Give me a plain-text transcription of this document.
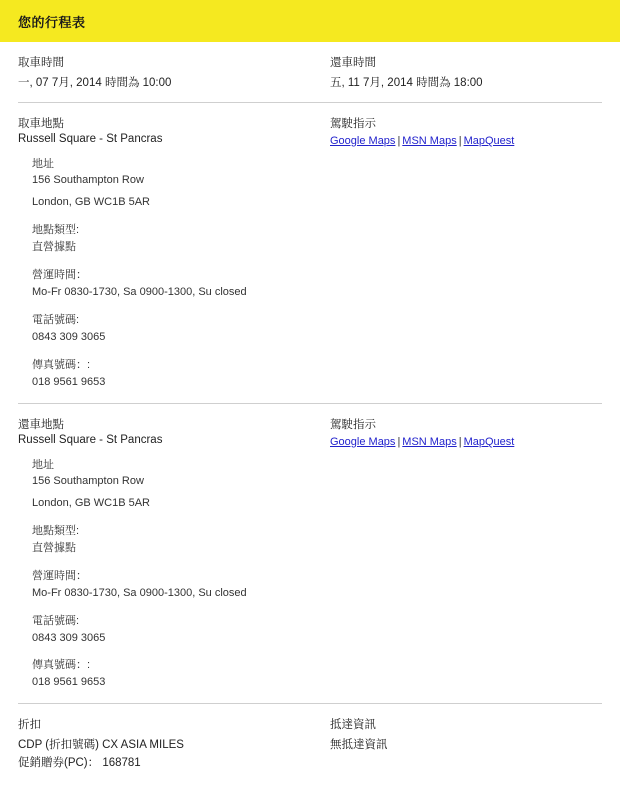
您的行程表
取車時間
一, 07 7月, 2014 時間為 10:00
還車時間
五, 11 7月, 2014 時間為 18:00
取車地點
Russell Square - St Pancras
地址
156 Southampton Row
London, GB WC1B 5AR
地點類型:
直營據點
營運時間：
Mo-Fr 0830-1730, Sa 0900-1300, Su closed
電話號碼:
0843 309 3065
傳真號碼：:
018 9561 9653
駕駛指示
Google Maps | MSN Maps | MapQuest
還車地點
Russell Square - St Pancras
地址
156 Southampton Row
London, GB WC1B 5AR
地點類型:
直營據點
營運時間：
Mo-Fr 0830-1730, Sa 0900-1300, Su closed
電話號碼:
0843 309 3065
傳真號碼：:
018 9561 9653
駕駛指示
Google Maps | MSN Maps | MapQuest
折扣
CDP (折扣號碼) CX ASIA MILES
促銷贈券(PC)： 168781
抵達資訊
無抵達資訊
